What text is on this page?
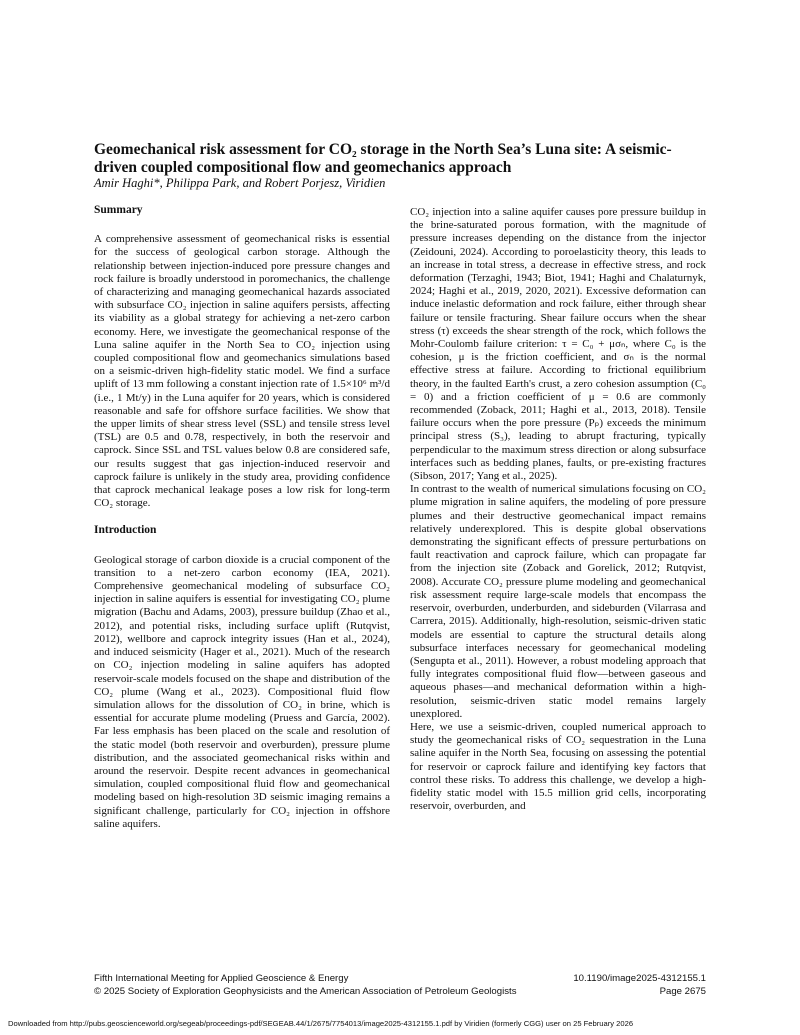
Geomechanical risk assessment for CO₂ storage in the North Sea’s Luna site: A seismic-driven coupled compositional flow and geomechanics approach
Amir Haghi*, Philippa Park, and Robert Porjesz, Viridien
Summary
A comprehensive assessment of geomechanical risks is essential for the success of geological carbon storage. Although the relationship between injection-induced pore pressure changes and rock failure is broadly understood in poromechanics, the challenge of characterizing and managing geomechanical hazards associated with subsurface CO₂ injection in saline aquifers persists, affecting its viability as a global strategy for achieving a net-zero carbon economy. Here, we investigate the geomechanical response of the Luna saline aquifer in the North Sea to CO₂ injection using coupled compositional flow and geomechanics simulations based on a seismic-driven high-fidelity static model. We find a surface uplift of 13 mm following a constant injection rate of 1.5×10⁶ m³/d (i.e., 1 Mt/y) in the Luna aquifer for 20 years, which is considered reasonable and safe for offshore surface facilities. We show that the upper limits of shear stress level (SSL) and tensile stress level (TSL) are 0.5 and 0.78, respectively, in both the reservoir and caprock. Since SSL and TSL values below 0.8 are considered safe, our results suggest that gas injection-induced reservoir and caprock failure is unlikely in the study area, providing confidence that caprock mechanical leakage poses a low risk for long-term CO₂ storage.
Introduction
Geological storage of carbon dioxide is a crucial component of the transition to a net-zero carbon economy (IEA, 2021). Comprehensive geomechanical modeling of subsurface CO₂ injection in saline aquifers is essential for investigating CO₂ plume migration (Bachu and Adams, 2003), pressure buildup (Zhao et al., 2012), and potential risks, including surface uplift (Rutqvist, 2012), wellbore and caprock integrity issues (Han et al., 2024), and induced seismicity (Hager et al., 2021). Much of the research on CO₂ injection modeling in saline aquifers has adopted reservoir-scale models focused on the shape and distribution of the CO₂ plume (Wang et al., 2023). Compositional fluid flow simulation allows for the dissolution of CO₂ in brine, which is essential for accurate plume modeling (Pruess and García, 2002). Far less emphasis has been placed on the scale and resolution of the static model (both reservoir and overburden), pressure plume distribution, and the associated geomechanical risks within and around the reservoir. Despite recent advances in geomechanical simulation, coupled compositional fluid flow and geomechanical modeling based on high-resolution 3D seismic imaging remains a significant challenge, particularly for CO₂ injection in offshore saline aquifers.
CO₂ injection into a saline aquifer causes pore pressure buildup in the brine-saturated porous formation, with the magnitude of pressure increases depending on the distance from the injector (Zeidouni, 2024). According to poroelasticity theory, this leads to an increase in total stress, a decrease in effective stress, and rock deformation (Terzaghi, 1943; Biot, 1941; Haghi and Chalaturnyk, 2024; Haghi et al., 2019, 2020, 2021). Excessive deformation can induce inelastic deformation and rock failure, either through shear failure or tensile fracturing. Shear failure occurs when the shear stress (τ) exceeds the shear strength of the rock, which follows the Mohr-Coulomb failure criterion: τ = C₀ + μσₙ, where C₀ is the cohesion, μ is the friction coefficient, and σₙ is the normal effective stress at failure. According to frictional equilibrium theory, in the faulted Earth's crust, a zero cohesion assumption (C₀ = 0) and a friction coefficient of μ = 0.6 are commonly recommended (Zoback, 2011; Haghi et al., 2013, 2018). Tensile failure occurs when the pore pressure (Pₚ) exceeds the minimum principal stress (S₃), leading to abrupt fracturing, typically perpendicular to the maximum stress direction or along subsurface interfaces such as bedding planes, faults, or pre-existing fractures (Sibson, 2017; Yang et al., 2025).
In contrast to the wealth of numerical simulations focusing on CO₂ plume migration in saline aquifers, the modeling of pore pressure plumes and their destructive geomechanical impact remains relatively underexplored. This is despite global observations demonstrating the significant effects of pressure perturbations on fault reactivation and caprock failure, which can propagate far from the injection site (Zoback and Gorelick, 2012; Rutqvist, 2008). Accurate CO₂ pressure plume modeling and geomechanical risk assessment require large-scale models that encompass the reservoir, overburden, underburden, and sideburden (Vilarrasa and Carrera, 2015). Additionally, high-resolution, seismic-driven static models are essential to capture the structural details along subsurface interfaces necessary for geomechanical modeling (Sengupta et al., 2011). However, a robust modeling approach that fully integrates compositional fluid flow—between gaseous and aqueous phases—and mechanical deformation within a high-resolution, seismic-driven static model remains largely unexplored.
Here, we use a seismic-driven, coupled numerical approach to study the geomechanical risks of CO₂ sequestration in the Luna saline aquifer in the North Sea, focusing on assessing the potential for reservoir or caprock failure and identifying key factors that control these risks. To address this challenge, we develop a high-fidelity static model with 15.5 million grid cells, incorporating reservoir, overburden, and
Fifth International Meeting for Applied Geoscience & Energy
© 2025 Society of Exploration Geophysicists and the American Association of Petroleum Geologists
10.1190/image2025-4312155.1
Page 2675
Downloaded from http://pubs.geoscienceworld.org/segeab/proceedings-pdf/SEGEAB.44/1/2675/7754013/image2025-4312155.1.pdf by Viridien (formerly CGG) user on 25 February 2026
